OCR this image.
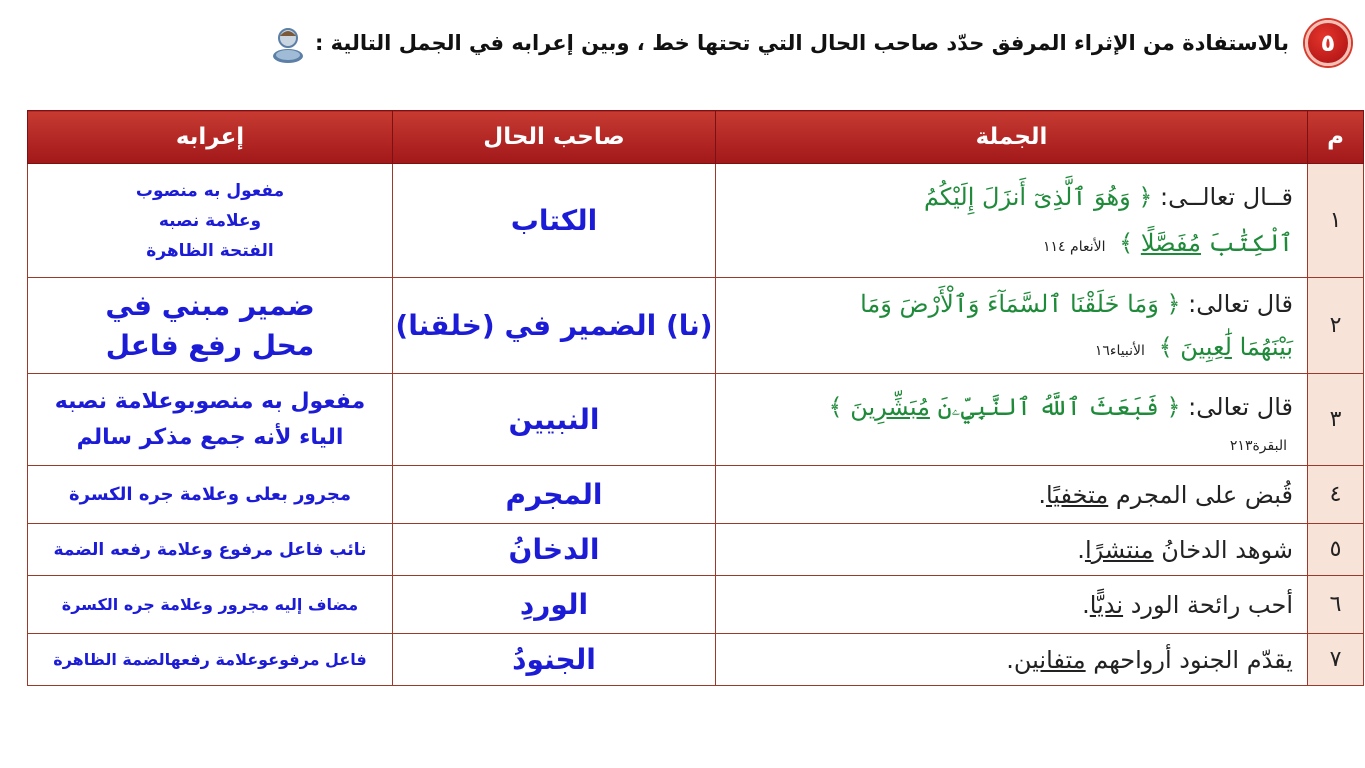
٥
بالاستفادة من الإثراء المرفق حدّد صاحب الحال التي تحتها خط ، وبين إعرابه في الجمل التالية :
م	الجملة	صاحب الحال	إعرابه
١	قــال تعالــى: ﴿ وَهُوَ ٱلَّذِىٓ أَنزَلَ إِلَيْكُمُ
ٱلْكِتَٰبَ مُفَصَّلًا ﴾ الأنعام ١١٤	الكتاب	مفعول به منصوب
وعلامة نصبه
الفتحة الظاهرة

٢	قال تعالى: ﴿ وَمَا خَلَقْنَا ٱلسَّمَآءَ وَٱلْأَرْضَ وَمَا
بَيْنَهُمَا لَٰعِبِينَ ﴾ الأنبياء١٦	(نا) الضمير في (خلقنا)	ضمير مبني في
محل رفع فاعل

٣	قال تعالى: ﴿ فَبَعَثَ ٱللَّهُ ٱلنَّبِيِّۦنَ مُبَشِّرِينَ ﴾
البقرة٢١٣	النبيين	مفعول به منصوبوعلامة نصبه
الياء لأنه جمع مذكر سالم

٤	قُبض على المجرم متخفيًا.	المجرم	مجرور بعلى وعلامة جره الكسرة
٥	شوهد الدخانُ منتشرًا.	الدخانُ	نائب فاعل مرفوع وعلامة رفعه الضمة
٦	أحب رائحة الورد نديًّا.	الوردِ	مضاف إليه مجرور وعلامة جره الكسرة
٧	يقدّم الجنود أرواحهم متفانين.	الجنودُ	فاعل مرفوعوعلامة رفعهالضمة الظاهرة
